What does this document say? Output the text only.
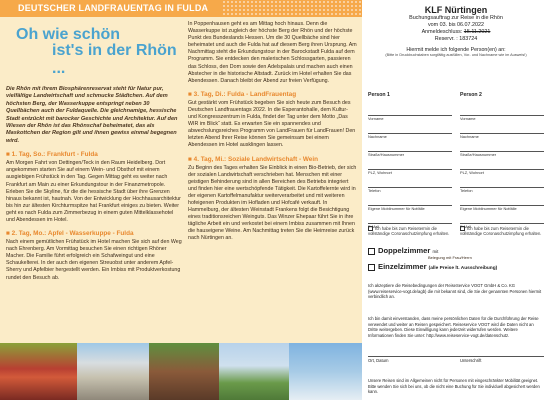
DEUTSCHER LANDFRAUENTAG IN FULDA
Oh wie schön
ist's in der Rhön ...
Die Rhön mit ihrem Biosphärenreservat steht für Natur pur, vielfältige Landwirtschaft und schmucke Städtchen. Auf dem höchsten Berg, der Wasserkuppe entspringt neben 30 Quellbächen auch der Fuldaquelle. Die gleichnamige, hessische Stadt entzückt mit barocker Geschichte und Architektur. Auf den Wiesen der Rhön ist das Rhönschaf beheimatet, das als Maskottchen der Region gilt und ihnen gewiss einmal begegnen wird.
■ 1. Tag, So.: Frankfurt - Fulda
Am Morgen Fahrt von Dettingen/Teck in den Raum Heidelberg. Dort angekommen starten Sie auf einem Wein- und Obsthof mit einem ausgiebigen Frühstück in den Tag. Gegen Mittag geht es weiter nach Frankfurt am Main zu einer Erkundungstour in der Finanzmetropole. Erleben Sie die Skyline, für die die hessische Stadt über ihre Grenzen hinaus bekannt ist, hautnah. Von der Entwicklung der Hochhausarchitektur bis hin zur ältesten Kirchturmspitze hat Frankfurt einiges zu bieten. Weiter geht es nach Fulda zum Zimmerbezug in einem guten Mittelklassehotel und Abendessen im Hotel.
■ 2. Tag, Mo.: Apfel - Wasserkuppe - Fulda
Nach einem gemütlichen Frühstück im Hotel machen Sie sich auf den Weg nach Ehrenberg. Am Vormittag besuchen Sie einen richtigen Rhöner Macher. Die Familie führt erfolgreich ein Schafweingut und eine Schaukelterei. In der auch den eigenen Streuobst unter anderem Apfel-Sherry und Apfelbier hergestellt werden. Ein Imbiss mit Produktverkostung rundet den Besuch ab.
In Poppenhausen geht es am Mittag hoch hinaus. Denn die Wasserkuppe ist zugleich der höchste Berg der Rhön und der höchste Punkt des Bundeslands Hessen. Um die 30 Quellbäche sind hier beheimatet und auch die Fulda hat auf diesem Berg ihren Ursprung. Am Nachmittag steht die Erkundungstour in der Barockstadt Fulda auf dem Programm. Sie entdecken den malerischen Schlossgarten, passieren das Schloss, den Dom sowie den Adelspalais und machen auch einen Abstecher in die historische Altstadt. Zurück im Hotel erhalten Sie das Abendessen. Danach bleibt der Abend zur freien Verfügung.
■ 3. Tag, Di.: Fulda - LandFrauentag
Gut gestärkt vom Frühstück begeben Sie sich heute zum Besuch des Deutschen Landfrauentags 2022. In die Esperantohalle, dem Kultur- und Kongresszentrum in Fulda, findet der Tag unter dem Motto „Das WIR im Blick“ statt. Es erwarten Sie ein spannendes und abwechslungsreiches Programm von LandFrauen für LandFrauen! Den letzten Abend Ihrer Reise können Sie gemeinsam bei einem Abendessen im Hotel ausklingen lassen.
■ 4. Tag, Mi.: Soziale Landwirtschaft - Wein
Zu Beginn des Tages erhalten Sie Einblick in einen Bio-Betrieb, der sich der sozialen Landwirtschaft verschrieben hat. Menschen mit einer geistigen Behinderung sind in allen Bereichen des Betriebs integriert und finden hier eine wertschöpfende Tätigkeit. Die Kartoffelernte wird in der eigenen Kartoffelmanufaktur weiterverarbeitet und mit weiteren hofeigenen Produkten im Hofladen und Hofcafé verkauft. In Hammelburg, der ältesten Weinstadt Frankens folgt die Besichtigung eines traditionsreichen Weinguts. Das Winzer Ehepaar führt Sie in ihre tägliche Arbeit ein und verkostet bei einem Imbiss zusammen mit Ihnen die hauseigene Weine. Am Nachmittag treten Sie die Heimreise zurück nach Nürtingen an.
KLF Nürtingen
Buchungsauftrag zur Reise in die Rhön
vom 03. bis 06.07.2022
Anmeldeschluss: 15.11.2021
Reservr. : 183724
Hiermit melde ich folgende Person(en) an:
(Bitte in Druckbuchstaben sorgfältig ausfüllen, Vor- und Nachname wie im Ausweis!)
Person 1
Vorname
Nachname
Straße/Hausnummer
PLZ, Wohnort
Telefon
Eigene Mobilnummer für Notfälle
E-Mail
Person 2
Vorname
Nachname
Straße/Hausnummer
PLZ, Wohnort
Telefon
Eigene Mobilnummer für Notfälle
E-Mail
Ich habe bis zum Reisetermin die vollständige Coronaschutzimpfung erhalten.
Ich habe bis zum Reisetermin die vollständige Coronaschutzimpfung erhalten.
Doppelzimmer mit
Belegung mit Frau/Herrn
Einzelzimmer (alle Preise lt. Ausschreibung)
Ich akzeptiere die Reisebedingungen der ReiseService VOGT GmbH & Co. KG (www.reiseservice-vogt.de/agb) die mir bekannt sind, die Sie der genannten Personen hiermit verbindlich an.
Ich bin damit einverstanden, dass meine persönlichen Daten für die Durchführung der Reise verwendet und weiter an Reisen gespeichert. Reiseservice VOGT wird die Daten nicht an Dritte weitergeben. Diese Einwilligung kann jederzeit widerrufen werden. Weitere Informationen finden Sie unter: http://www.reiseservice-vogt.de/datenschutz.
Ort, Datum	Unterschrift
Unsere Reisen sind im Allgemeinen nicht für Personen mit eingeschränkter Mobilität geeignet. Bitte wenden Sie sich bei uns, ob die nicht eine Buchung für Sie individuell abgesichert werden kann.
